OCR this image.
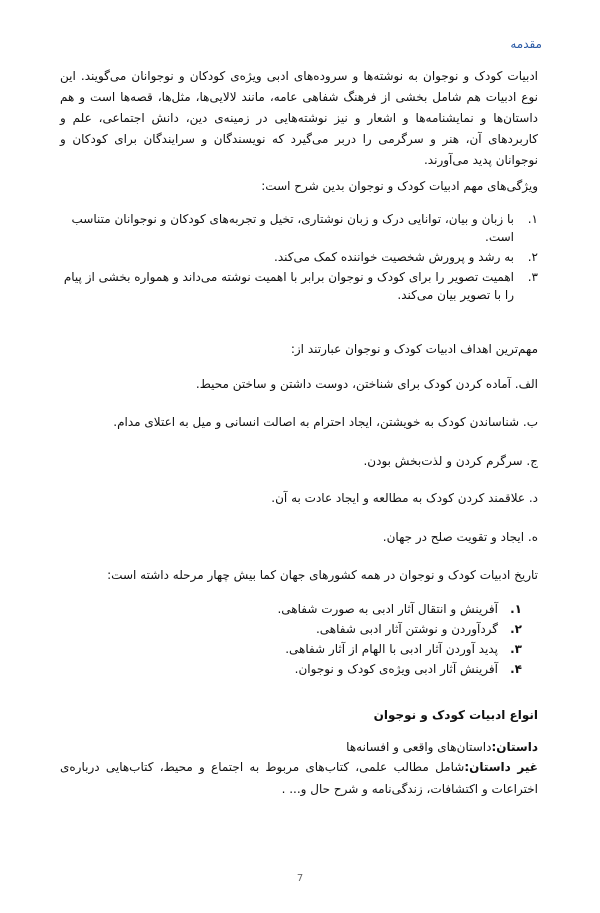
مقدمه
ادبیات کودک و نوجوان به نوشته‌ها و سروده‌های ادبی ویژه‌ی کودکان و نوجوانان می‌گویند. این نوع ادبیات هم شامل بخشی از فرهنگ شفاهی عامه، مانند لالایی‌ها، مثل‌ها، قصه‌ها است و هم داستان‌ها و نمایشنامه‌ها و اشعار و نیز نوشته‌هایی در زمینه‌ی دین، دانش اجتماعی، علم و کاربردهای آن، هنر و سرگرمی را دربر می‌گیرد که نویسندگان و سرایندگان برای کودکان و نوجوانان پدید می‌آورند.
ویژگی‌های مهم ادبیات کودک و نوجوان بدین شرح است:
۱.
با زبان و بیان، توانایی درک و زبان نوشتاری، تخیل و تجربه‌های کودکان و نوجوانان متناسب است.
۲.
به رشد و پرورش شخصیت خواننده کمک می‌کند.
۳.
اهمیت تصویر را برای کودک و نوجوان برابر با اهمیت نوشته می‌داند و همواره بخشی از پیام را با تصویر بیان می‌کند.
مهم‌ترین اهداف ادبیات کودک و نوجوان عبارتند از:
الف. آماده کردن کودک برای شناختن، دوست داشتن و ساختن محیط.
ب. شناساندن کودک به خویشتن، ایجاد احترام به اصالت انسانی و میل به اعتلای مدام.
ج. سرگرم کردن و لذت‌بخش بودن.
د. علاقمند کردن کودک به مطالعه و ایجاد عادت به آن.
ه. ایجاد و تقویت صلح در جهان.
تاریخ ادبیات کودک و نوجوان در همه کشورهای جهان کما بیش چهار مرحله داشته است:
۱.
آفرینش و انتقال آثار ادبی به صورت شفاهی.
۲.
گردآوردن و نوشتن آثار ادبی شفاهی.
۳.
پدید آوردن آثار ادبی با الهام از آثار شفاهی.
۴.
آفرینش آثار ادبی ویژه‌ی کودک و نوجوان.
انواع ادبیات کودک و نوجوان
داستان:داستان‌های واقعی و افسانه‌ها
غیر داستان:شامل مطالب علمی، کتاب‌های مربوط به اجتماع و محیط، کتاب‌هایی درباره‌ی اختراعات و اکتشافات، زندگی‌نامه و شرح حال و... .
7
